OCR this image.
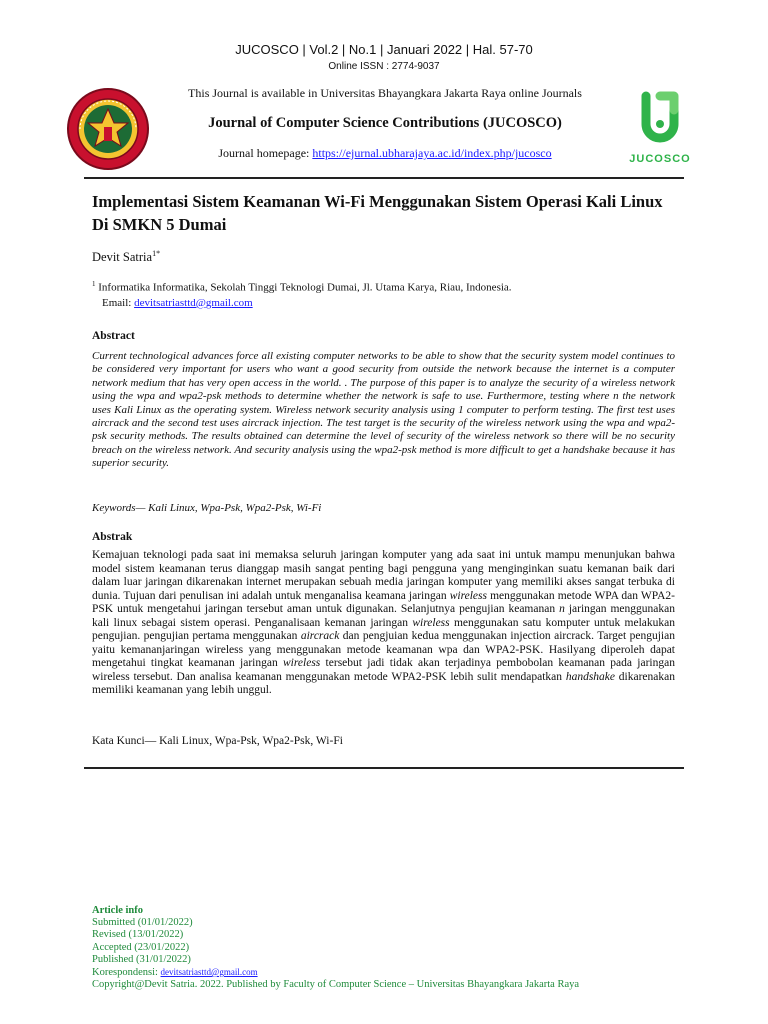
JUCOSCO | Vol.2 | No.1 | Januari 2022 | Hal. 57-70
Online ISSN : 2774-9037
JUCOSCO
This Journal is available in Universitas Bhayangkara Jakarta Raya online Journals
Journal of Computer Science Contributions (JUCOSCO)
Journal homepage: https://ejurnal.ubharajaya.ac.id/index.php/jucosco
Implementasi Sistem Keamanan Wi-Fi Menggunakan Sistem Operasi Kali Linux Di SMKN 5 Dumai
Devit Satria$^{1*}$
$^1$ Informatika Informatika, Sekolah Tinggi Teknologi Dumai, Jl. Utama Karya, Riau, Indonesia.
Email: devitsatriasttd@gmail.com
Abstract
Current technological advances force all existing computer networks to be able to show that the security system model continues to be considered very important for users who want a good security from outside the network because the internet is a computer network medium that has very open access in the world. . The purpose of this paper is to analyze the security of a wireless network using the wpa and wpa2-psk methods to determine whether the network is safe to use. Furthermore, testing where n the network uses Kali Linux as the operating system. Wireless network security analysis using 1 computer to perform testing. The first test uses aircrack and the second test uses aircrack injection. The test target is the security of the wireless network using the wpa and wpa2-psk security methods. The results obtained can determine the level of security of the wireless network so there will be no security breach on the wireless network. And security analysis using the wpa2-psk method is more difficult to get a handshake because it has superior security.
Keywords— Kali Linux, Wpa-Psk, Wpa2-Psk, Wi-Fi
Abstrak
Kemajuan teknologi pada saat ini memaksa seluruh jaringan komputer yang ada saat ini untuk mampu menunjukan bahwa model sistem keamanan terus dianggap masih sangat penting bagi pengguna yang menginginkan suatu kemanan baik dari dalam luar jaringan dikarenakan internet merupakan sebuah media jaringan komputer yang memiliki akses sangat terbuka di dunia. Tujuan dari penulisan ini adalah untuk menganalisa keamana jaringan wireless menggunakan metode WPA dan WPA2-PSK untuk mengetahui jaringan tersebut aman untuk digunakan. Selanjutnya pengujian keamanan n jaringan menggunakan kali linux sebagai sistem operasi. Penganalisaan kemanan jaringan wireless menggunakan satu komputer untuk melakukan pengujian. pengujian pertama menggunakan aircrack dan pengjuian kedua menggunakan injection aircrack. Target pengujian yaitu kemananjaringan wireless yang menggunakan metode keamanan wpa dan WPA2-PSK. Hasilyang diperoleh dapat mengetahui tingkat keamanan jaringan wireless tersebut jadi tidak akan terjadinya pembobolan keamanan pada jaringan wireless tersebut. Dan analisa keamanan menggunakan metode WPA2-PSK lebih sulit mendapatkan handshake dikarenakan memiliki keamanan yang lebih unggul.
Kata Kunci— Kali Linux, Wpa-Psk, Wpa2-Psk, Wi-Fi
Article info
Submitted (01/01/2022)
Revised (13/01/2022)
Accepted (23/01/2022)
Published (31/01/2022)
Korespondensi: devitsatriasttd@gmail.com
Copyright@Devit Satria. 2022. Published by Faculty of Computer Science – Universitas Bhayangkara Jakarta Raya
